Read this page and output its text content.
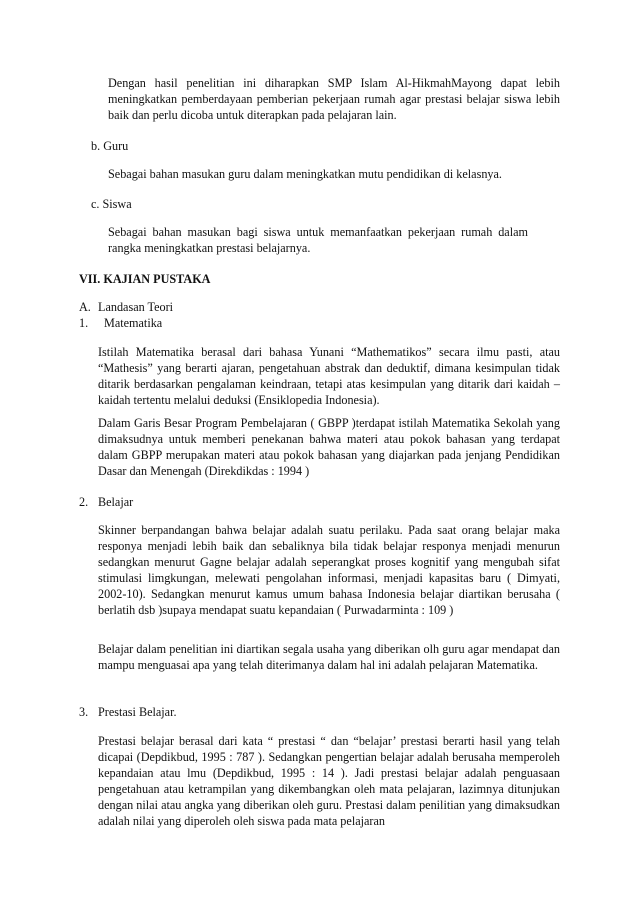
Dengan hasil penelitian ini diharapkan SMP Islam Al-HikmahMayong dapat lebih meningkatkan pemberdayaan pemberian pekerjaan rumah agar prestasi belajar siswa lebih baik dan perlu dicoba untuk diterapkan pada pelajaran lain.

b. Guru

Sebagai bahan masukan guru dalam meningkatkan mutu pendidikan di kelasnya.

c. Siswa

Sebagai bahan masukan bagi siswa untuk memanfaatkan pekerjaan rumah dalam rangka meningkatkan prestasi belajarnya.

VII. KAJIAN PUSTAKA
A. Landasan Teori
1. Matematika

Istilah Matematika berasal dari bahasa Yunani “Mathematikos” secara ilmu pasti, atau “Mathesis” yang berarti ajaran, pengetahuan abstrak dan deduktif, dimana kesimpulan tidak ditarik berdasarkan pengalaman keindraan, tetapi atas kesimpulan yang ditarik dari kaidah – kaidah tertentu melalui deduksi (Ensiklopedia Indonesia).

Dalam Garis Besar Program Pembelajaran ( GBPP )terdapat istilah Matematika Sekolah yang dimaksudnya untuk memberi penekanan bahwa materi atau pokok bahasan yang terdapat dalam GBPP merupakan materi atau pokok bahasan yang diajarkan pada jenjang Pendidikan Dasar dan Menengah (Direkdikdas : 1994 )

2. Belajar

Skinner berpandangan bahwa belajar adalah suatu perilaku. Pada saat orang belajar maka responya menjadi lebih baik dan sebaliknya bila tidak belajar responya menjadi menurun sedangkan menurut Gagne belajar adalah seperangkat proses kognitif yang mengubah sifat stimulasi limgkungan, melewati pengolahan informasi, menjadi kapasitas baru ( Dimyati, 2002-10). Sedangkan menurut kamus umum bahasa Indonesia belajar diartikan berusaha ( berlatih dsb )supaya mendapat suatu kepandaian ( Purwadarminta : 109 )

Belajar dalam penelitian ini diartikan segala usaha yang diberikan olh guru agar mendapat dan mampu menguasai apa yang telah diterimanya dalam hal ini adalah pelajaran Matematika.

3. Prestasi Belajar.

Prestasi belajar berasal dari kata “ prestasi “ dan “belajar’ prestasi berarti hasil yang telah dicapai (Depdikbud, 1995 : 787 ). Sedangkan pengertian belajar adalah berusaha memperoleh kepandaian atau lmu (Depdikbud, 1995 : 14 ). Jadi prestasi belajar adalah penguasaan pengetahuan atau ketrampilan yang dikembangkan oleh mata pelajaran, lazimnya ditunjukan dengan nilai atau angka yang diberikan oleh guru. Prestasi dalam penilitian yang dimaksudkan adalah nilai yang diperoleh oleh siswa pada mata pelajaran
